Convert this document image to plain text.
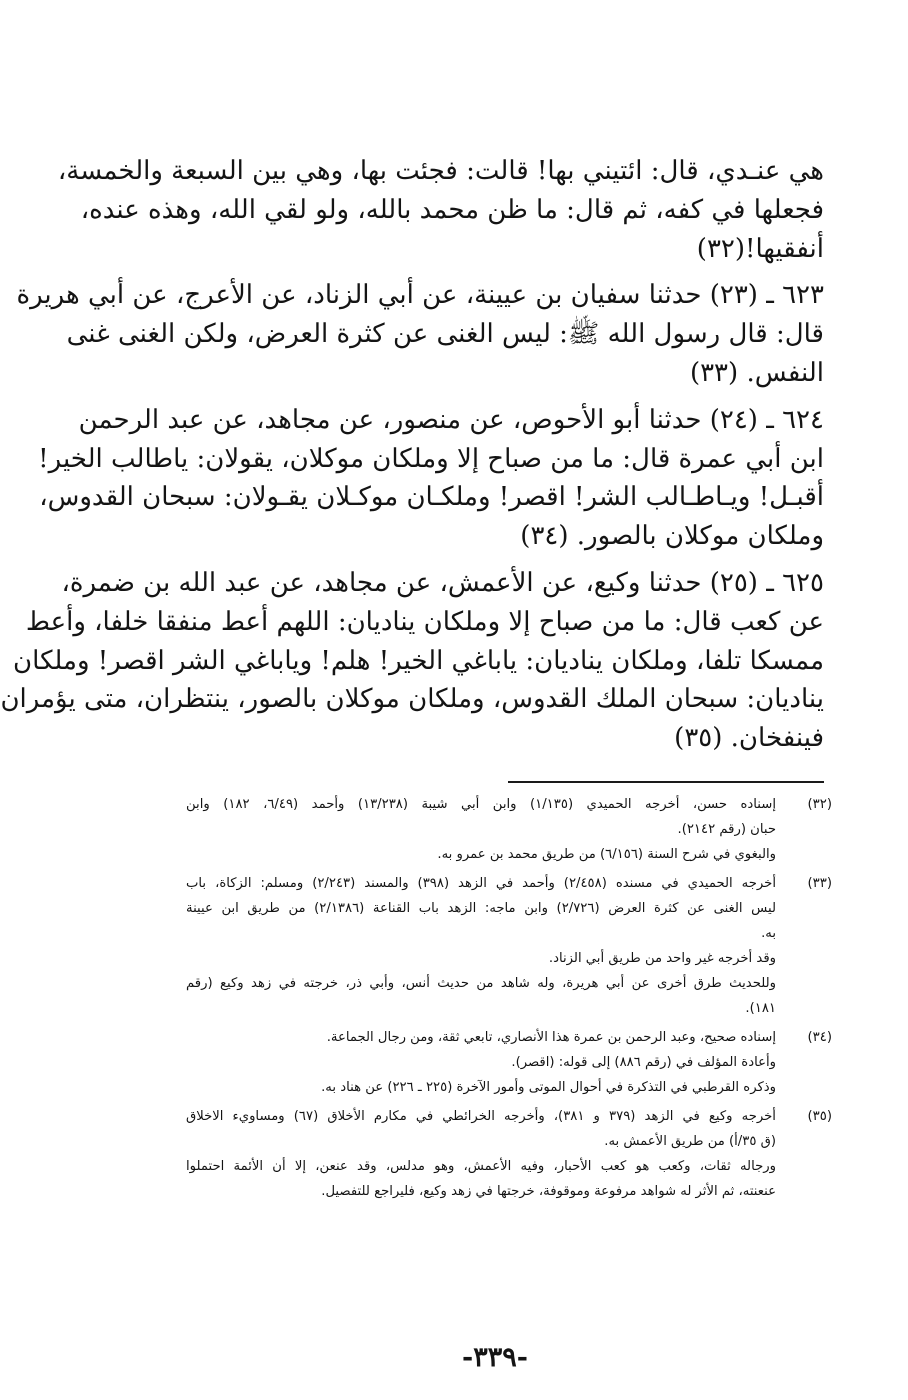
هي عنـدي، قال: ائتيني بها! قالت: فجئت بها، وهي بين السبعة والخمسة،
فجعلها في كفه، ثم قال: ما ظن محمد بالله، ولو لقي الله، وهذه عنده،
أنفقيها!(٣٢)
٦٢٣ ـ (٢٣) حدثنا سفيان بن عيينة، عن أبي الزناد، عن الأعرج، عن أبي هريرة
قال: قال رسول الله ﷺ: ليس الغنى عن كثرة العرض، ولكن الغنى غنى
النفس. (٣٣)
٦٢٤ ـ (٢٤) حدثنا أبو الأحوص، عن منصور، عن مجاهد، عن عبد الرحمن
ابن أبي عمرة قال: ما من صباح إلا وملكان موكلان، يقولان: ياطالب الخير!
أقبـل! ويـاطـالب الشر! اقصر! وملكـان موكـلان يقـولان: سبحان القدوس،
وملكان موكلان بالصور. (٣٤)
٦٢٥ ـ (٢٥) حدثنا وكيع، عن الأعمش، عن مجاهد، عن عبد الله بن ضمرة،
عن كعب قال: ما من صباح إلا وملكان يناديان: اللهم أعط منفقا خلفا، وأعط
ممسكا تلفا، وملكان يناديان: ياباغي الخير! هلم! وياباغي الشر اقصر! وملكان
يناديان: سبحان الملك القدوس، وملكان موكلان بالصور، ينتظران، متى يؤمران
فينفخان. (٣٥)
(٣٢)
إسناده حسن، أخرجه الحميدي (١/١٣٥) وابن أبي شيبة (١٣/٢٣٨) وأحمد (٦/٤٩، ١٨٢) وابن
حبان (رقم ٢١٤٢).
والبغوي في شرح السنة (٦/١٥٦) من طريق محمد بن عمرو به.
(٣٣)
أخرجه الحميدي في مسنده (٢/٤٥٨) وأحمد في الزهد (٣٩٨) والمسند (٢/٢٤٣) ومسلم: الزكاة، باب
ليس الغنى عن كثرة العرض (٢/٧٢٦) وابن ماجه: الزهد باب القناعة (٢/١٣٨٦) من طريق ابن عيينة
به.
وقد أخرجه غير واحد من طريق أبي الزناد.
وللحديث طرق أخرى عن أبي هريرة، وله شاهد من حديث أنس، وأبي ذر، خرجته في زهد وكيع (رقم
١٨١).
(٣٤)
إسناده صحيح، وعبد الرحمن بن عمرة هذا الأنصاري، تابعي ثقة، ومن رجال الجماعة.
وأعادة المؤلف في (رقم ٨٨٦) إلى قوله: (اقصر).
وذكره القرطبي في التذكرة في أحوال الموتى وأمور الآخرة (٢٢٥ ـ ٢٢٦) عن هناد به.
(٣٥)
أخرجه وكيع في الزهد (٣٧٩ و ٣٨١)، وأخرجه الخرائطي في مكارم الأخلاق (٦٧) ومساويء الاخلاق
(ق ٣٥/أ) من طريق الأعمش به.
ورجاله ثقات، وكعب هو كعب الأحبار، وفيه الأعمش، وهو مدلس، وقد عنعن، إلا أن الأئمة احتملوا
عنعنته، ثم الأثر له شواهد مرفوعة وموقوفة، خرجتها في زهد وكيع، فليراجع للتفصيل.
-٣٣٩-
